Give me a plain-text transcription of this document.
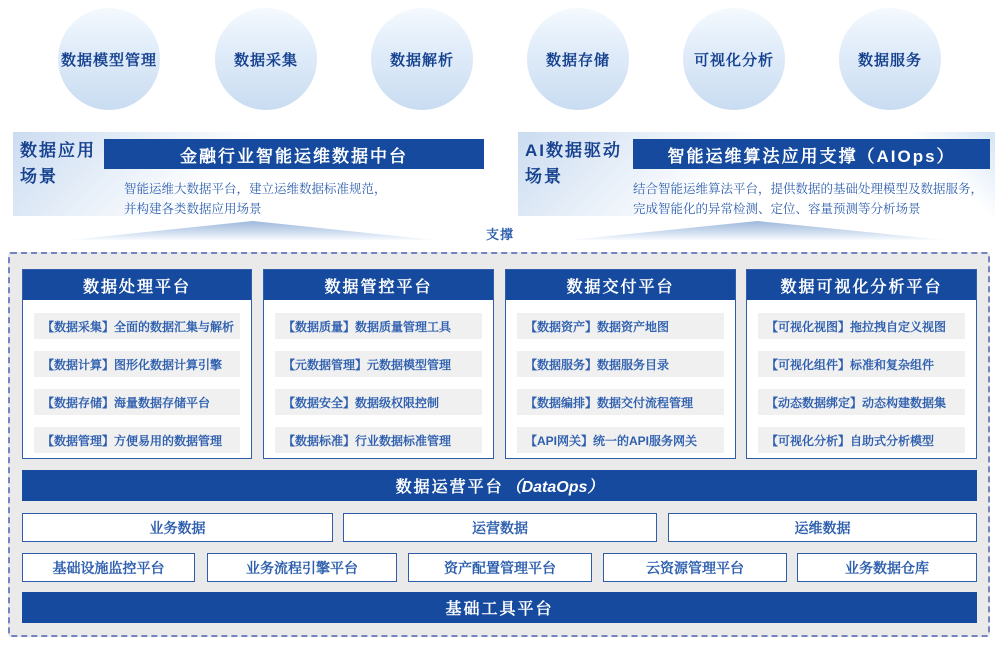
数据模型管理	数据采集	数据解析	数据存储	可视化分析	数据服务
数据应用场景
金融行业智能运维数据中台
智能运维大数据平台，建立运维数据标准规范，
并构建各类数据应用场景
AI数据驱动场景
智能运维算法应用支撑（AIOps）
结合智能运维算法平台，提供数据的基础处理模型及数据服务，
完成智能化的异常检测、定位、容量预测等分析场景
支撑
数据处理平台
【数据采集】全面的数据汇集与解析
【数据计算】图形化数据计算引擎
【数据存储】海量数据存储平台
【数据管理】方便易用的数据管理
数据管控平台
【数据质量】数据质量管理工具
【元数据管理】元数据模型管理
【数据安全】数据级权限控制
【数据标准】行业数据标准管理
数据交付平台
【数据资产】数据资产地图
【数据服务】数据服务目录
【数据编排】数据交付流程管理
【API网关】统一的API服务网关
数据可视化分析平台
【可视化视图】拖拉拽自定义视图
【可视化组件】标准和复杂组件
【动态数据绑定】动态构建数据集
【可视化分析】自助式分析模型
数据运营平台 （DataOps）
业务数据	运营数据	运维数据
基础设施监控平台	业务流程引擎平台	资产配置管理平台	云资源管理平台	业务数据仓库
基础工具平台
